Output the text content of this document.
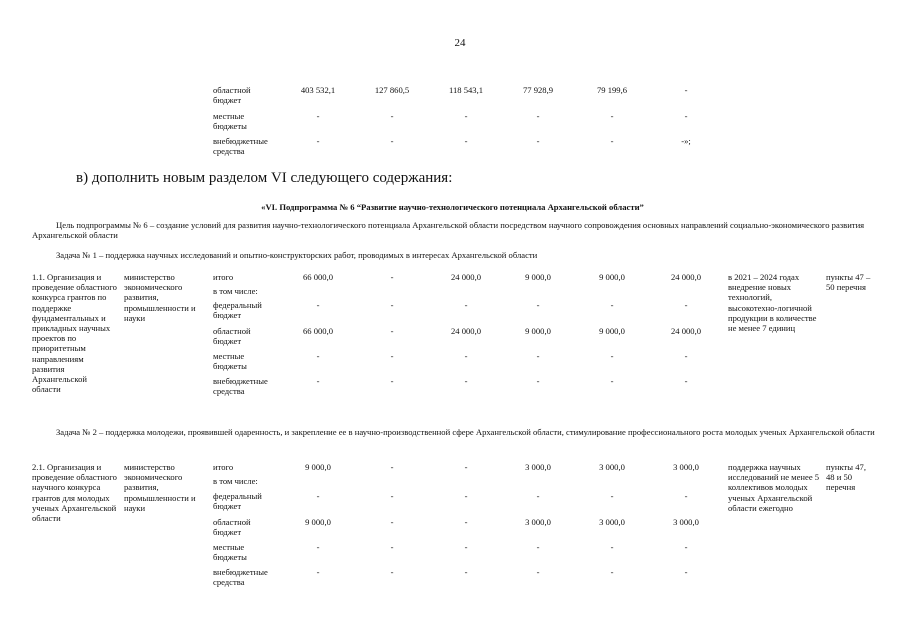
24
областной бюджет
403 532,1	127 860,5	118 543,1	77 928,9	79 199,6	-
местные бюджеты
-	-	-	-	-	-
внебюджетные средства
-	-	-	-	-	-»;
в) дополнить новым разделом VI следующего содержания:
«VI. Подпрограмма № 6 “Развитие научно-технологического потенциала Архангельской области”
Цель подпрограммы № 6 – создание условий для развития научно-технологического потенциала Архангельской области посредством научного сопровождения основных направлений социально-экономического развития Архангельской области
Задача № 1 – поддержка научных исследований и опытно-конструкторских работ, проводимых в интересах Архангельской области
1.1. Организация и проведение областного конкурса грантов по поддержке фундаментальных и прикладных научных проектов по приоритетным направлениям развития Архангельской области
министерство экономического развития, промышленности и науки
итого	66 000,0	-	24 000,0	9 000,0	9 000,0	24 000,0
в том числе:
федеральный бюджет
-	-	-	-	-	-
областной бюджет
66 000,0	-	24 000,0	9 000,0	9 000,0	24 000,0
местные бюджеты
-	-	-	-	-	-
внебюджетные средства
-	-	-	-	-	-
в 2021 – 2024 годах внедрение новых технологий, высокотехно-логичной продукции в количестве не менее 7 единиц
пункты 47 – 50 перечня
Задача № 2 – поддержка молодежи, проявившей одаренность, и закрепление ее в научно-производственной сфере Архангельской области, стимулирование профессионального роста молодых ученых Архангельской области
2.1. Организация и проведение областного научного конкурса грантов для молодых ученых Архангельской области
министерство экономического развития, промышленности и науки
итого	9 000,0	-	-	3 000,0	3 000,0	3 000,0
в том числе:
федеральный бюджет
-	-	-	-	-	-
областной бюджет
9 000,0	-	-	3 000,0	3 000,0	3 000,0
местные бюджеты
-	-	-	-	-	-
внебюджетные средства
-	-	-	-	-	-
поддержка научных исследований не менее 5 коллективов молодых ученых Архангельской области ежегодно
пункты 47, 48 и 50 перечня
